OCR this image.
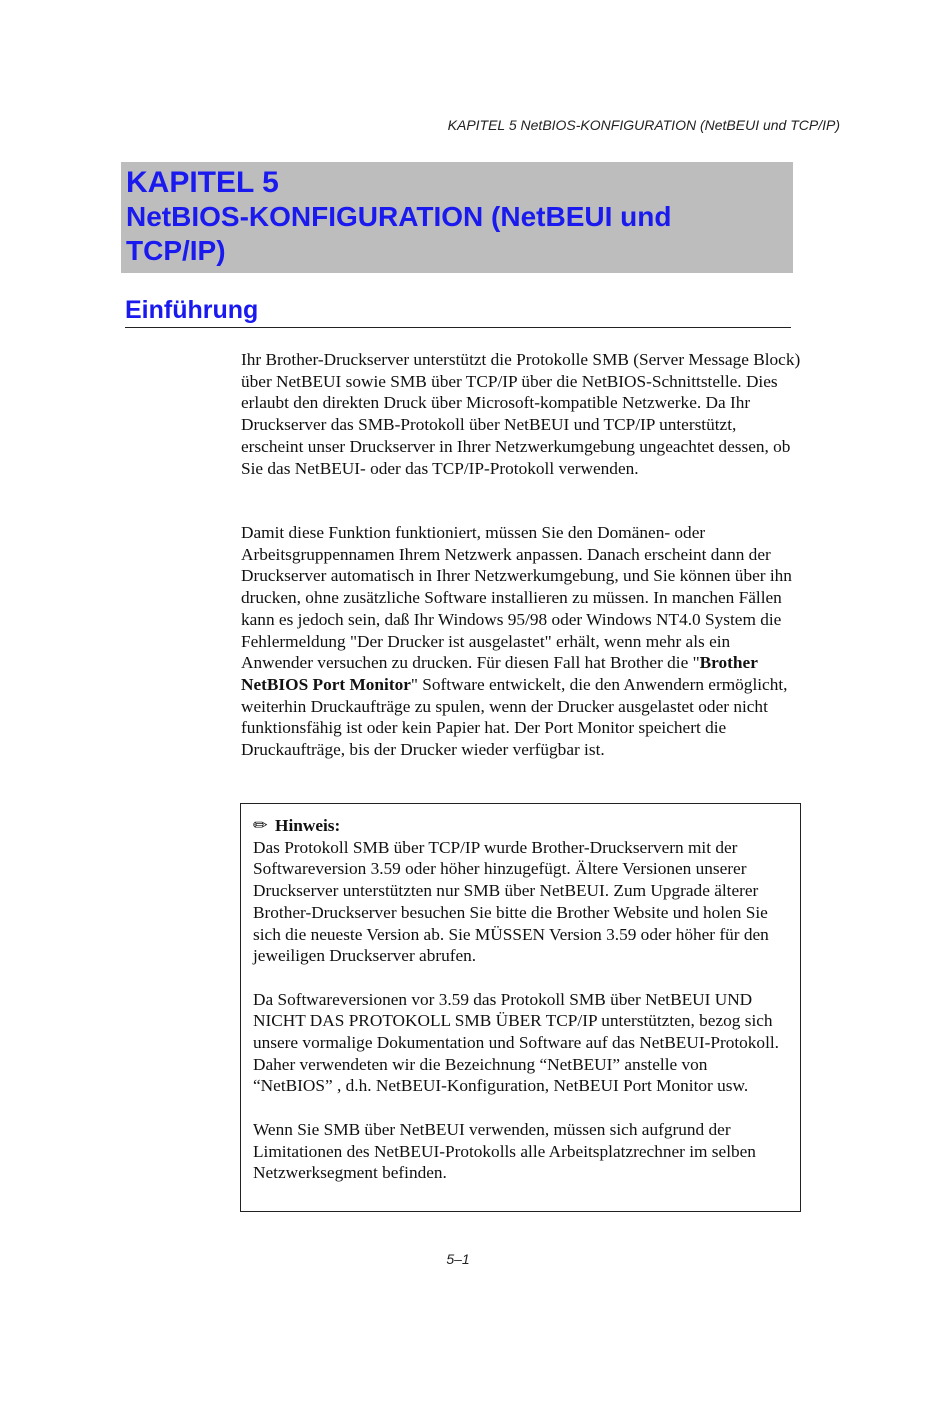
KAPITEL 5 NetBIOS-KONFIGURATION (NetBEUI und TCP/IP)
KAPITEL 5
NetBIOS-KONFIGURATION (NetBEUI und TCP/IP)
Einführung

Ihr Brother-Druckserver unterstützt die Protokolle SMB (Server Message Block) über NetBEUI sowie SMB über TCP/IP über die NetBIOS-Schnittstelle. Dies erlaubt den direkten Druck über Microsoft-kompatible Netzwerke. Da Ihr Druckserver das SMB-Protokoll über NetBEUI und TCP/IP unterstützt, erscheint unser Druckserver in Ihrer Netzwerkumgebung ungeachtet dessen, ob Sie das NetBEUI- oder das TCP/IP-Protokoll verwenden.

Damit diese Funktion funktioniert, müssen Sie den Domänen- oder Arbeitsgruppennamen Ihrem Netzwerk anpassen. Danach erscheint dann der Druckserver automatisch in Ihrer Netzwerkumgebung, und Sie können über ihn drucken, ohne zusätzliche Software installieren zu müssen. In manchen Fällen kann es jedoch sein, daß Ihr Windows 95/98 oder Windows NT4.0 System die Fehlermeldung "Der Drucker ist ausgelastet" erhält, wenn mehr als ein Anwender versuchen zu drucken. Für diesen Fall hat Brother die "Brother NetBIOS Port Monitor" Software entwickelt, die den Anwendern ermöglicht, weiterhin Druckaufträge zu spulen, wenn der Drucker ausgelastet oder nicht funktionsfähig ist oder kein Papier hat. Der Port Monitor speichert die Druckaufträge, bis der Drucker wieder verfügbar ist.

✏ Hinweis:
Das Protokoll SMB über TCP/IP wurde Brother-Druckservern mit der Softwareversion 3.59 oder höher hinzugefügt. Ältere Versionen unserer Druckserver unterstützten nur SMB über NetBEUI. Zum Upgrade älterer Brother-Druckserver besuchen Sie bitte die Brother Website und holen Sie sich die neueste Version ab. Sie MÜSSEN Version 3.59 oder höher für den jeweiligen Druckserver abrufen.

Da Softwareversionen vor 3.59 das Protokoll SMB über NetBEUI UND NICHT DAS PROTOKOLL SMB ÜBER TCP/IP unterstützten, bezog sich unsere vormalige Dokumentation und Software auf das NetBEUI-Protokoll. Daher verwendeten wir die Bezeichnung “NetBEUI” anstelle von “NetBIOS” , d.h. NetBEUI-Konfiguration, NetBEUI Port Monitor usw.

Wenn Sie SMB über NetBEUI verwenden, müssen sich aufgrund der Limitationen des NetBEUI-Protokolls alle Arbeitsplatzrechner im selben Netzwerksegment befinden.

5–1
